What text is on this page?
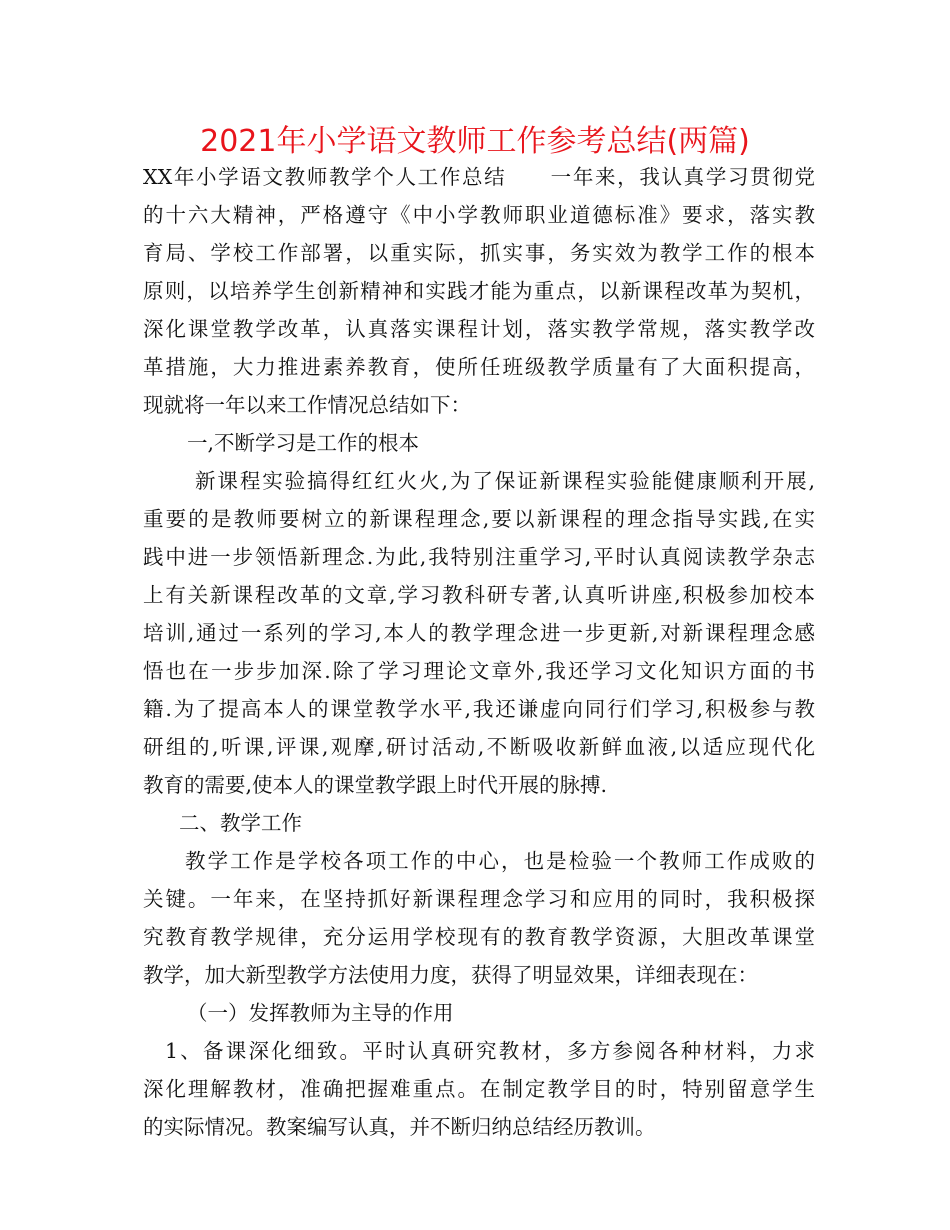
2021年小学语文教师工作参考总结(两篇)
XX年小学语文教师教学个人工作总结　　一年来，我认真学习贯彻党
的十六大精神，严格遵守《中小学教师职业道德标准》要求，落实教
育局、学校工作部署，以重实际，抓实事，务实效为教学工作的根本
原则，以培养学生创新精神和实践才能为重点，以新课程改革为契机，
深化课堂教学改革，认真落实课程计划，落实教学常规，落实教学改
革措施，大力推进素养教育，使所任班级教学质量有了大面积提高，
现就将一年以来工作情况总结如下：
一,不断学习是工作的根本
新课程实验搞得红红火火,为了保证新课程实验能健康顺利开展,
重要的是教师要树立的新课程理念,要以新课程的理念指导实践,在实
践中进一步领悟新理念.为此,我特别注重学习,平时认真阅读教学杂志
上有关新课程改革的文章,学习教科研专著,认真听讲座,积极参加校本
培训,通过一系列的学习,本人的教学理念进一步更新,对新课程理念感
悟也在一步步加深.除了学习理论文章外,我还学习文化知识方面的书
籍.为了提高本人的课堂教学水平,我还谦虚向同行们学习,积极参与教
研组的,听课,评课,观摩,研讨活动,不断吸收新鲜血液,以适应现代化
教育的需要,使本人的课堂教学跟上时代开展的脉搏.
二、教学工作
教学工作是学校各项工作的中心，也是检验一个教师工作成败的
关键。一年来，在坚持抓好新课程理念学习和应用的同时，我积极探
究教育教学规律，充分运用学校现有的教育教学资源，大胆改革课堂
教学，加大新型教学方法使用力度，获得了明显效果，详细表现在：
（一）发挥教师为主导的作用
1、备课深化细致。平时认真研究教材，多方参阅各种材料，力求
深化理解教材，准确把握难重点。在制定教学目的时，特别留意学生
的实际情况。教案编写认真，并不断归纳总结经历教训。
